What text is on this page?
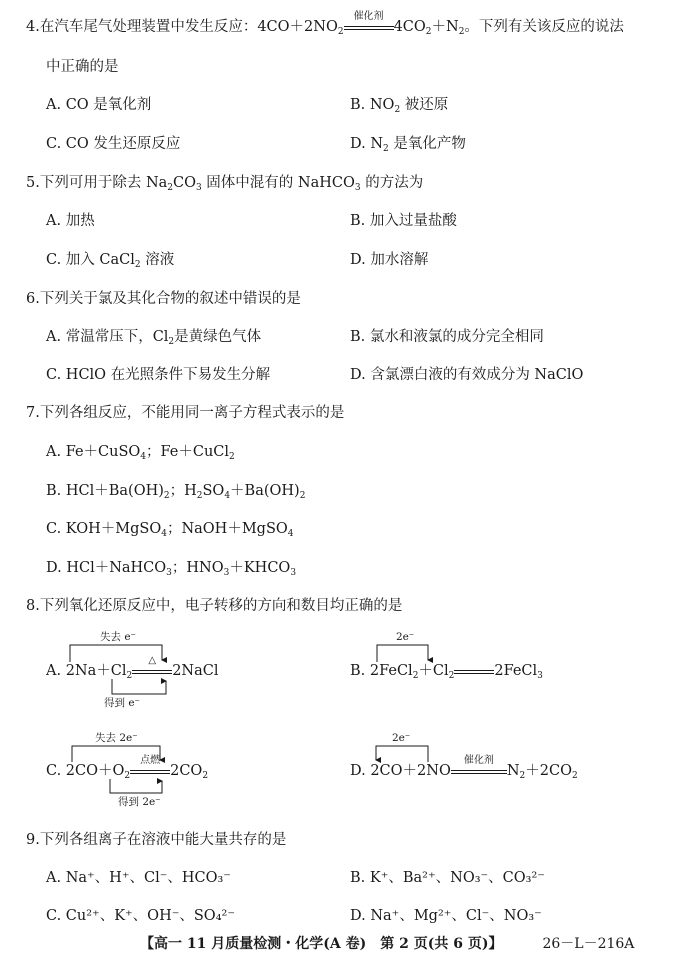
4.在汽车尾气处理装置中发生反应：$4CO+2NO_2$
催化剂
$4CO_2+N_2$。下列有关该反应的说法
中正确的是
A. CO 是氧化剂	B. $NO_2$ 被还原
C. CO 发生还原反应	D. $N_2$ 是氧化产物
5.下列可用于除去 $Na_2CO_3$ 固体中混有的 NaHCO$_3$ 的方法为
A. 加热	B. 加入过量盐酸
C. 加入 CaCl$_2$ 溶液	D. 加水溶解
6.下列关于氯及其化合物的叙述中错误的是
A. 常温常压下，$Cl_2$是黄绿色气体	B. 氯水和液氯的成分完全相同
C. HClO 在光照条件下易发生分解	D. 含氯漂白液的有效成分为 NaClO
7.下列各组反应，不能用同一离子方程式表示的是
A. Fe＋CuSO$_4$；Fe＋CuCl$_2$
B. $HCl+Ba(OH)_2$；$H_2SO_4+Ba(OH)_2$
C. KOH＋MgSO$_4$；NaOH＋MgSO$_4$
D. HCl＋NaHCO$_3$；$HNO_3+KHCO_3$
8.下列氧化还原反应中，电子转移的方向和数目均正确的是
失去 e−
A. $2Na+Cl_2$
△
2NaCl
得到 e−
2e−
B. $2FeCl_2+Cl_2$	2FeCl$_3$
失去 2e−
C. $2CO+O_2$
点燃
$2CO_2$
得到 2e−
2e−
D. 2CO＋2NO
催化剂
$N_2+2CO_2$
9.下列各组离子在溶液中能大量共存的是
A. Na⁺、H⁺、Cl⁻、HCO₃⁻	B. K⁺、Ba²⁺、NO₃⁻、CO₃²⁻
C. Cu²⁺、K⁺、OH⁻、SO₄²⁻	D. Na⁺、Mg²⁺、Cl⁻、NO₃⁻
【高一 11 月质量检测・化学(A 卷)　第 2 页(共 6 页)】	26－L－216A
